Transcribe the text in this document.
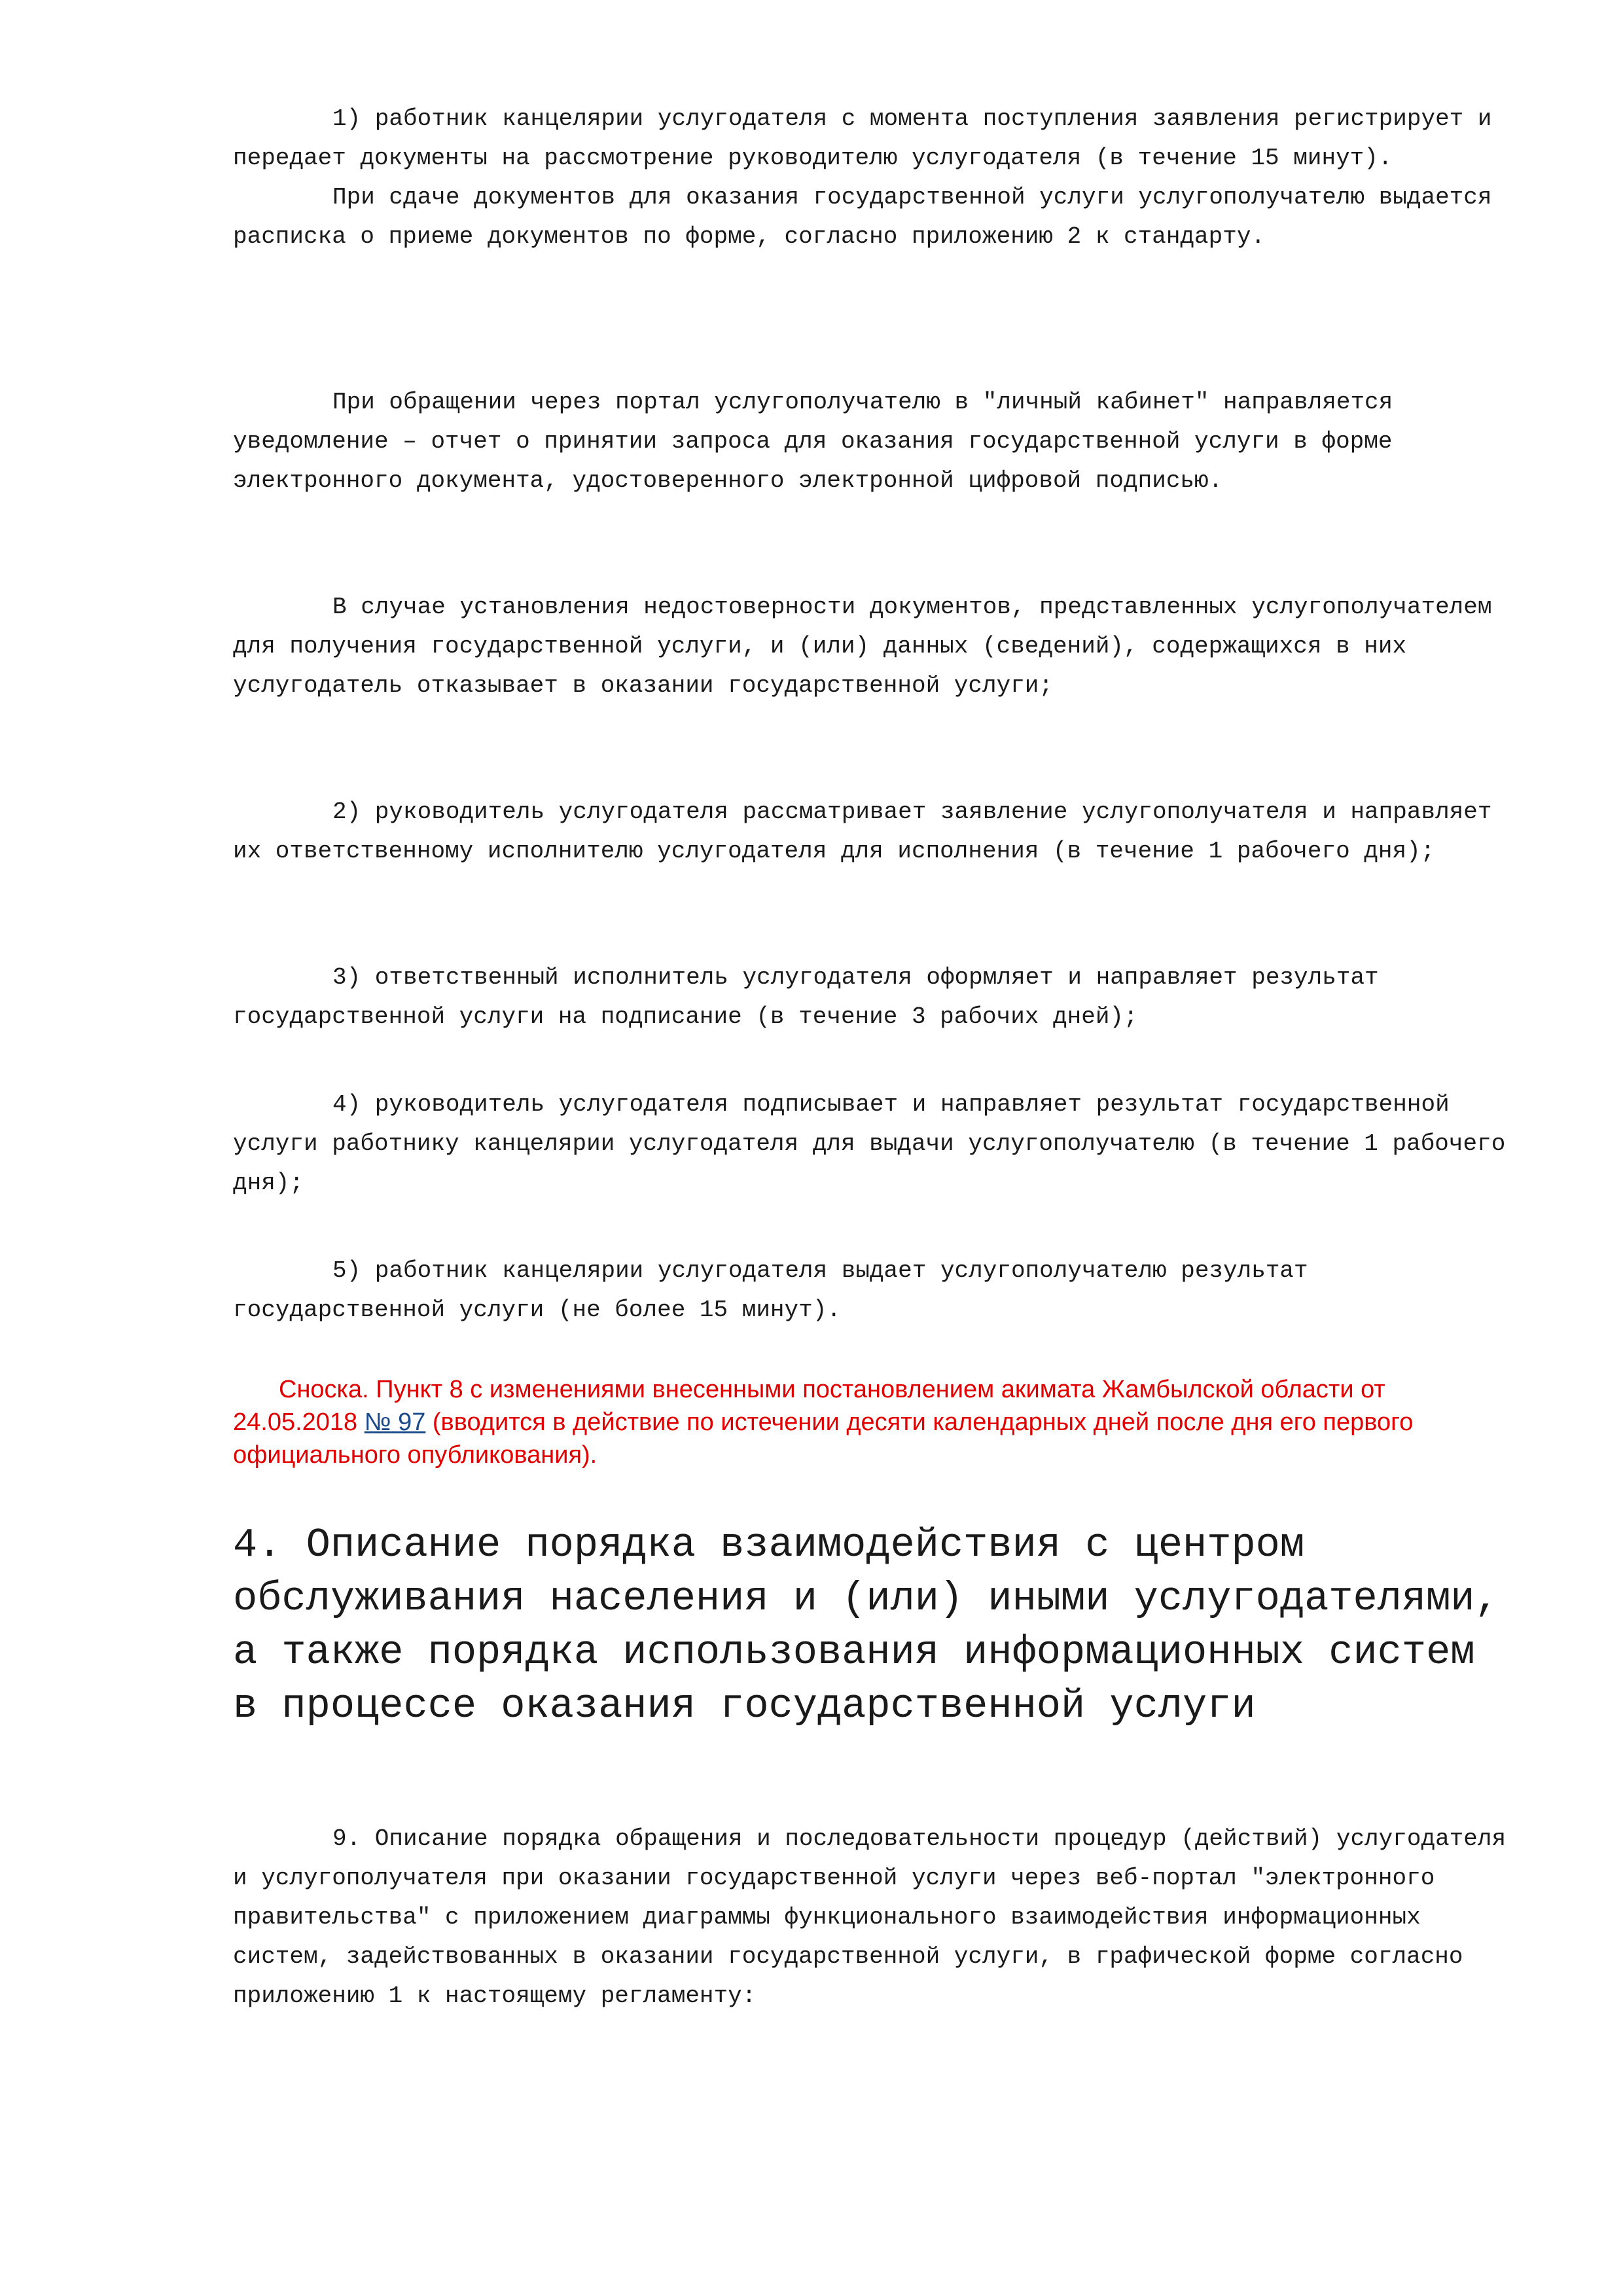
1) работник канцелярии услугодателя с момента поступления заявления регистрирует и передает документы на рассмотрение руководителю услугодателя (в течение 15 минут).

При сдаче документов для оказания государственной услуги услугополучателю выдается расписка о приеме документов по форме, согласно приложению 2 к стандарту.

При обращении через портал услугополучателю в "личный кабинет" направляется уведомление – отчет о принятии запроса для оказания государственной услуги в форме электронного документа, удостоверенного электронной цифровой подписью.

В случае установления недостоверности документов, представленных услугополучателем для получения государственной услуги, и (или) данных (сведений), содержащихся в них услугодатель отказывает в оказании государственной услуги;

2) руководитель услугодателя рассматривает заявление услугополучателя и направляет их ответственному исполнителю услугодателя для исполнения (в течение 1 рабочего дня);

3) ответственный исполнитель услугодателя оформляет и направляет результат государственной услуги на подписание (в течение 3 рабочих дней);

4) руководитель услугодателя подписывает и направляет результат государственной услуги работнику канцелярии услугодателя для выдачи услугополучателю (в течение 1 рабочего дня);

5) работник канцелярии услугодателя выдает услугополучателю результат государственной услуги (не более 15 минут).

Сноска. Пункт 8 с изменениями внесенными постановлением акимата Жамбылской области от 24.05.2018 № 97 (вводится в действие по истечении десяти календарных дней после дня его первого официального опубликования).

4. Описание порядка взаимодействия с центром обслуживания населения и (или) иными услугодателями, а также порядка использования информационных систем в процессе оказания государственной услуги

9. Описание порядка обращения и последовательности процедур (действий) услугодателя и услугополучателя при оказании государственной услуги через веб-портал "электронного правительства" с приложением диаграммы функционального взаимодействия информационных систем, задействованных в оказании государственной услуги, в графической форме согласно приложению 1 к настоящему регламенту:
